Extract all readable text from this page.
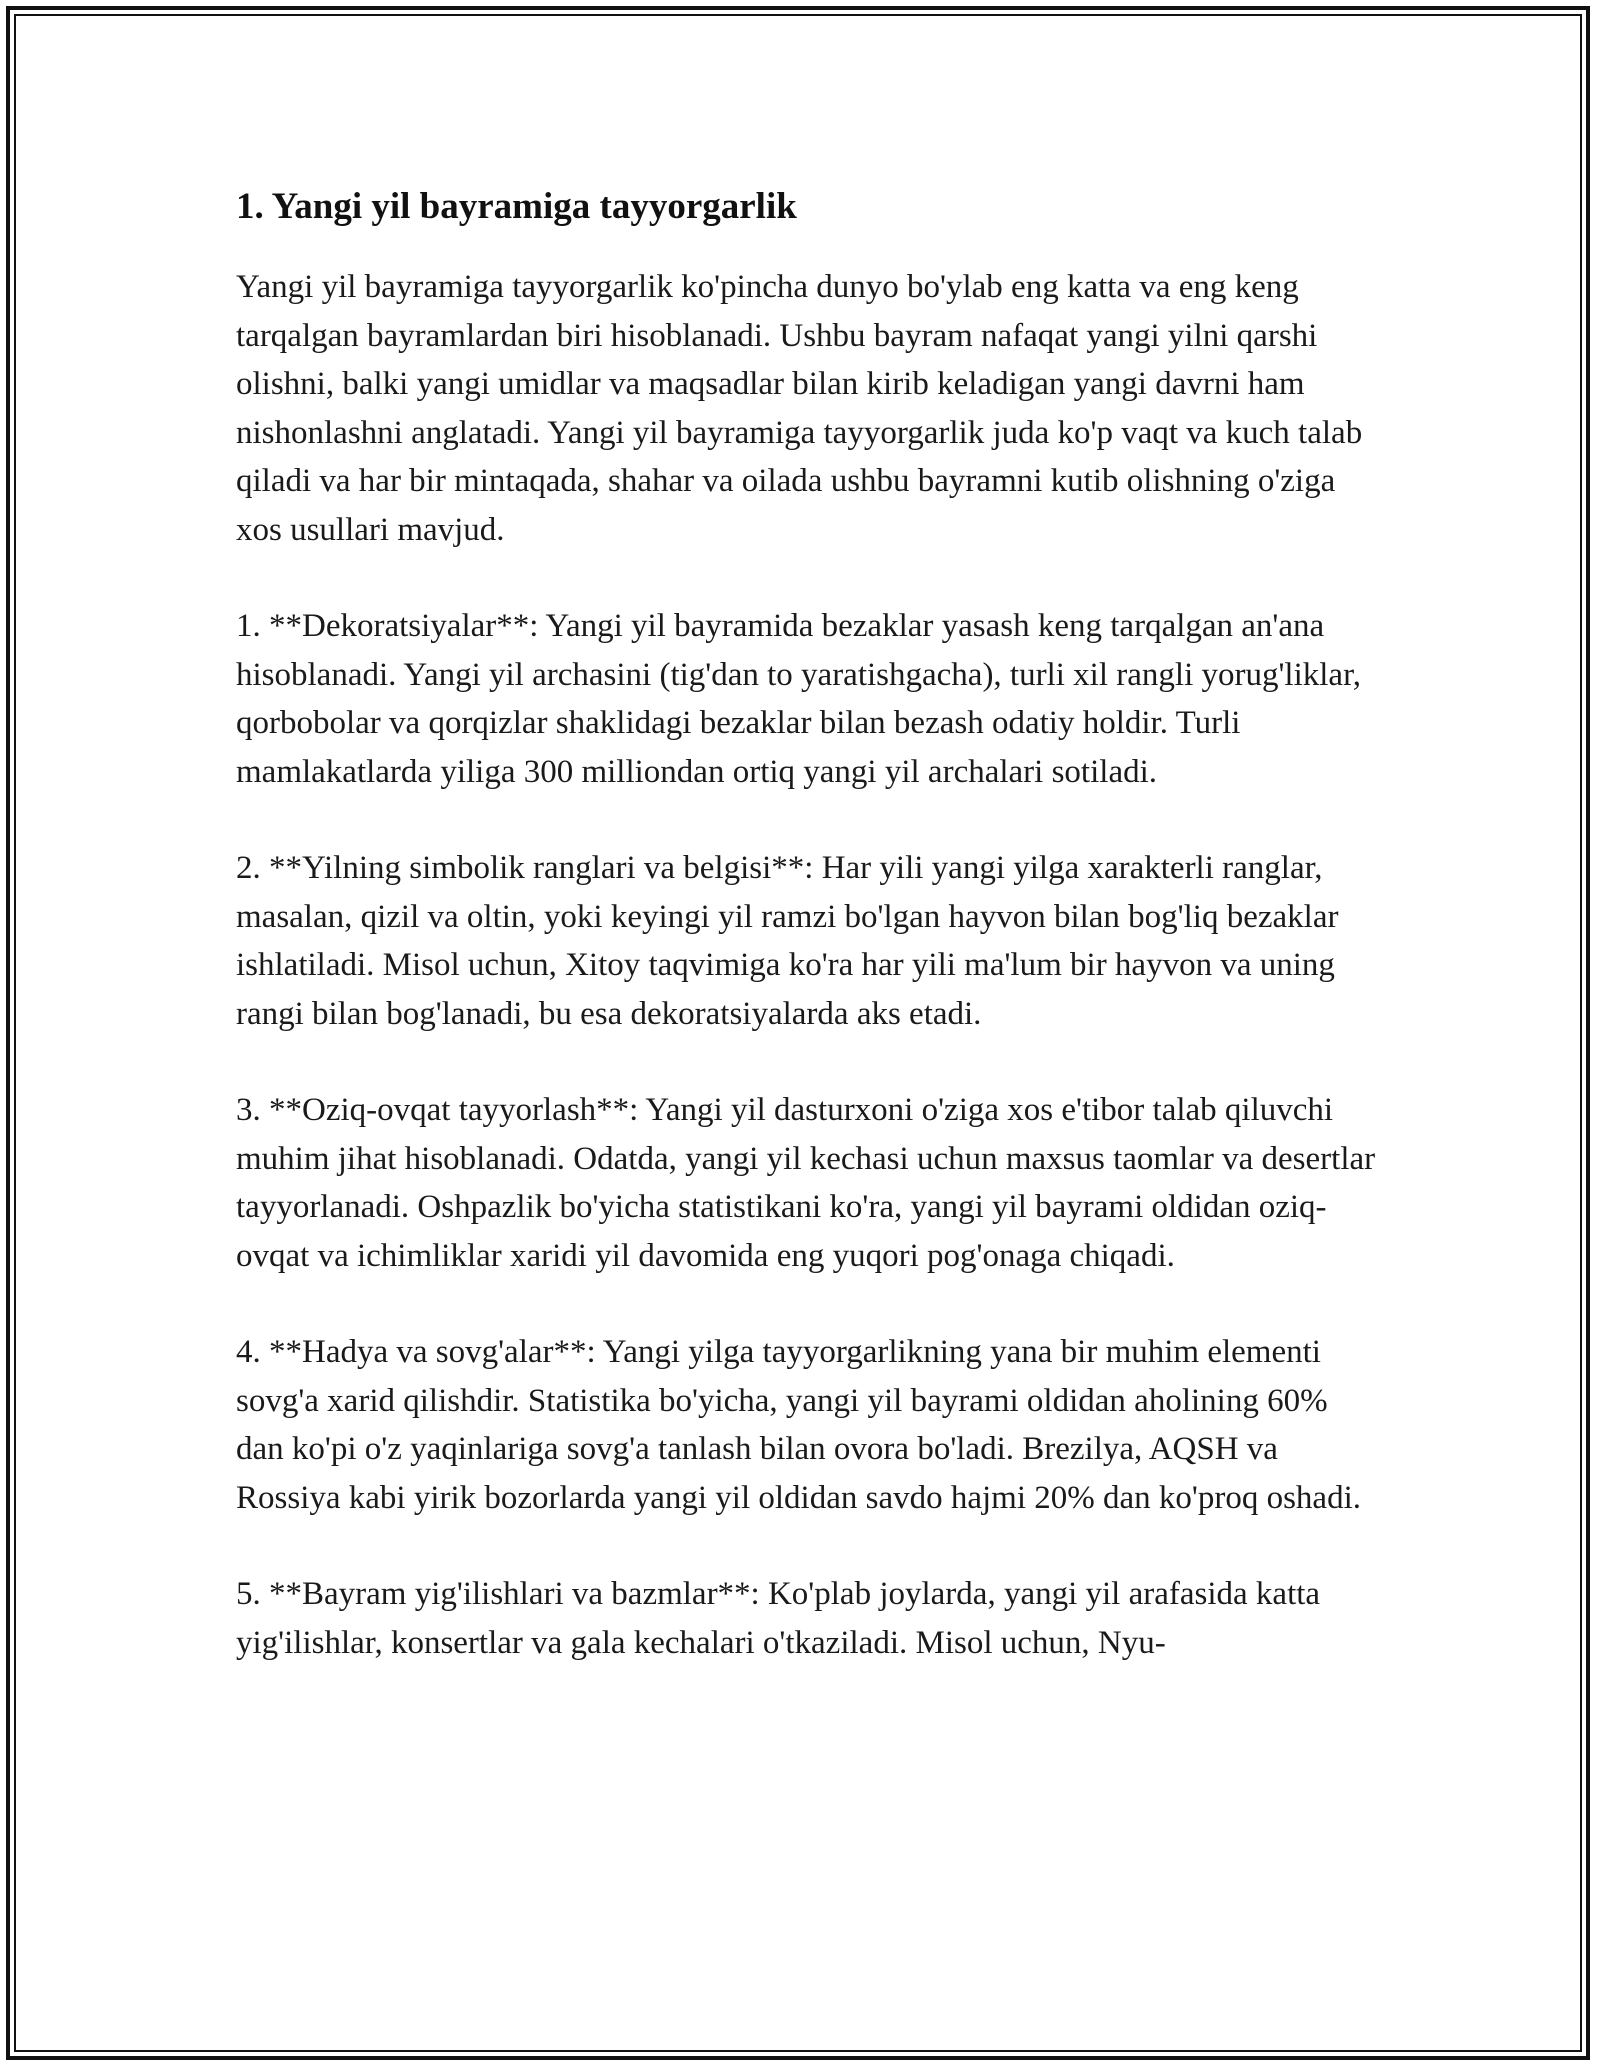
1. Yangi yil bayramiga tayyorgarlik

Yangi yil bayramiga tayyorgarlik ko'pincha dunyo bo'ylab eng katta va eng keng tarqalgan bayramlardan biri hisoblanadi. Ushbu bayram nafaqat yangi yilni qarshi olishni, balki yangi umidlar va maqsadlar bilan kirib keladigan yangi davrni ham nishonlashni anglatadi. Yangi yil bayramiga tayyorgarlik juda ko'p vaqt va kuch talab qiladi va har bir mintaqada, shahar va oilada ushbu bayramni kutib olishning o'ziga xos usullari mavjud.

1. **Dekoratsiyalar**: Yangi yil bayramida bezaklar yasash keng tarqalgan an'ana hisoblanadi. Yangi yil archasini (tig'dan to yaratishgacha), turli xil rangli yorug'liklar, qorbobolar va qorqizlar shaklidagi bezaklar bilan bezash odatiy holdir. Turli mamlakatlarda yiliga 300 milliondan ortiq yangi yil archalari sotiladi.

2. **Yilning simbolik ranglari va belgisi**: Har yili yangi yilga xarakterli ranglar, masalan, qizil va oltin, yoki keyingi yil ramzi bo'lgan hayvon bilan bog'liq bezaklar ishlatiladi. Misol uchun, Xitoy taqvimiga ko'ra har yili ma'lum bir hayvon va uning rangi bilan bog'lanadi, bu esa dekoratsiyalarda aks etadi.

3. **Oziq-ovqat tayyorlash**: Yangi yil dasturxoni o'ziga xos e'tibor talab qiluvchi muhim jihat hisoblanadi. Odatda, yangi yil kechasi uchun maxsus taomlar va desertlar tayyorlanadi. Oshpazlik bo'yicha statistikani ko'ra, yangi yil bayrami oldidan oziq-ovqat va ichimliklar xaridi yil davomida eng yuqori pog'onaga chiqadi.

4. **Hadya va sovg'alar**: Yangi yilga tayyorgarlikning yana bir muhim elementi sovg'a xarid qilishdir. Statistika bo'yicha, yangi yil bayrami oldidan aholining 60% dan ko'pi o'z yaqinlariga sovg'a tanlash bilan ovora bo'ladi. Brezilya, AQSH va Rossiya kabi yirik bozorlarda yangi yil oldidan savdo hajmi 20% dan ko'proq oshadi.

5. **Bayram yig'ilishlari va bazmlar**: Ko'plab joylarda, yangi yil arafasida katta yig'ilishlar, konsertlar va gala kechalari o'tkaziladi. Misol uchun, Nyu-
